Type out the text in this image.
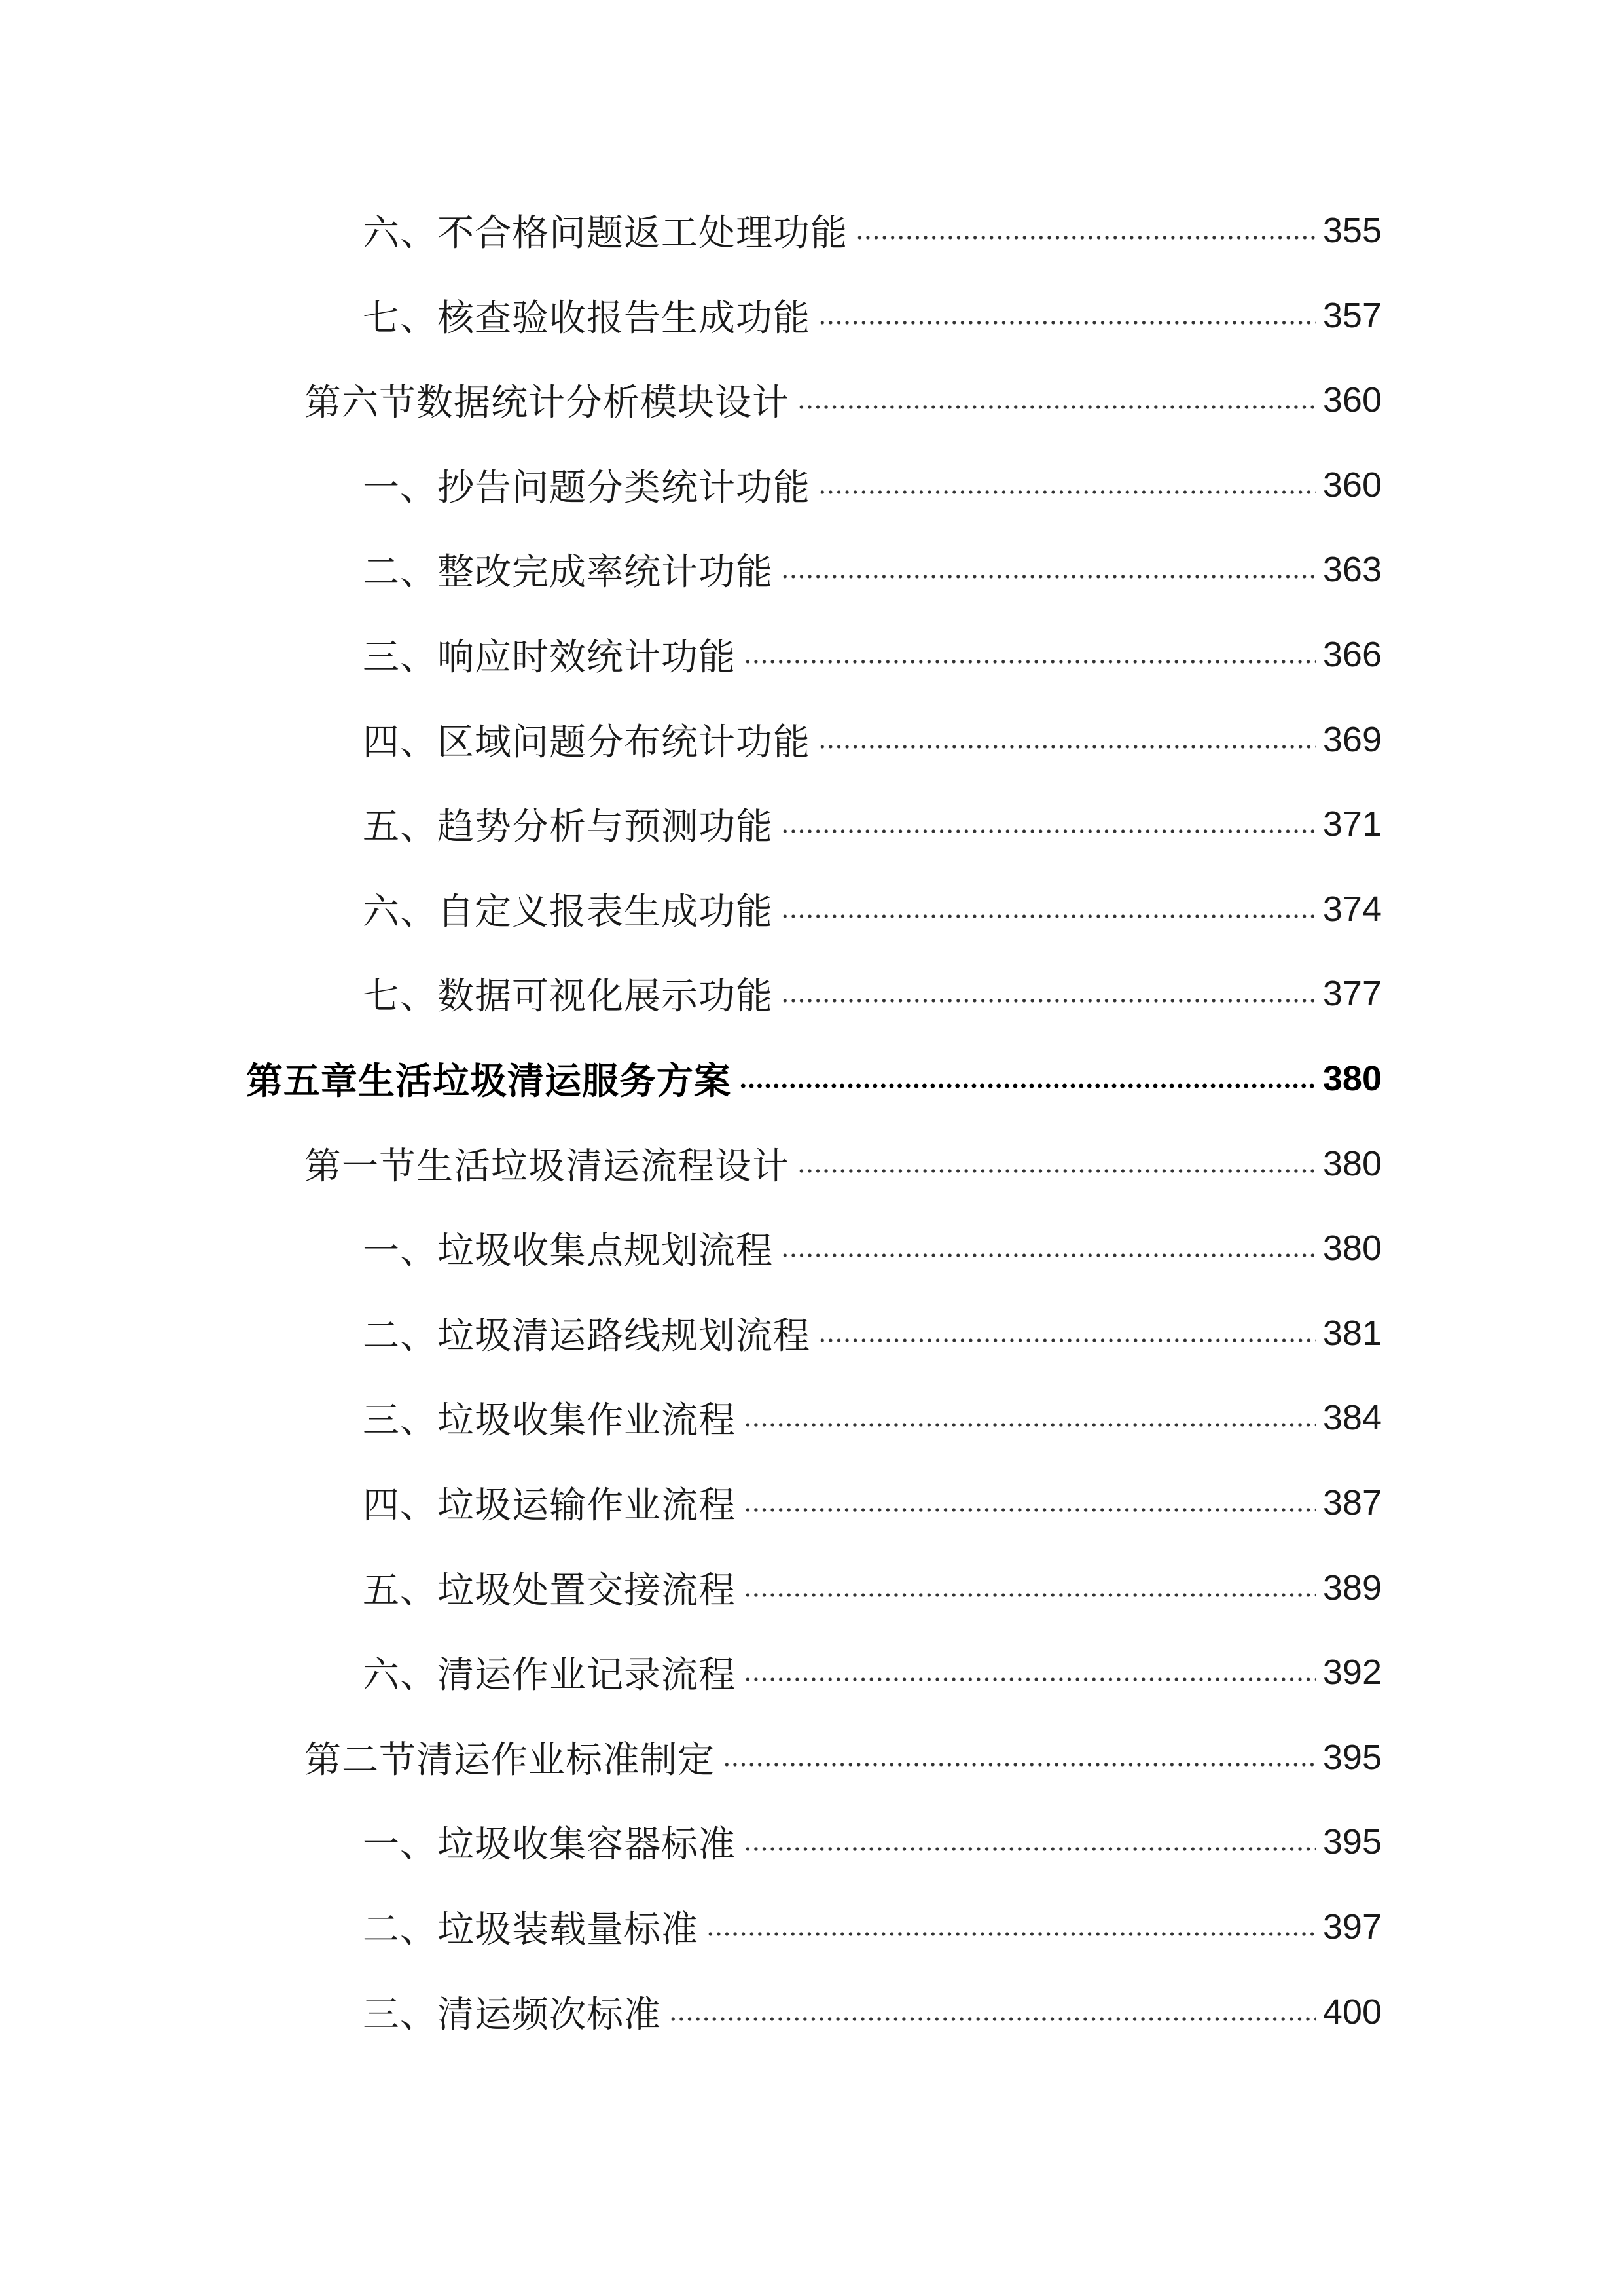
六、不合格问题返工处理功能	355
七、核查验收报告生成功能	357
第六节数据统计分析模块设计	360
一、抄告问题分类统计功能	360
二、整改完成率统计功能	363
三、响应时效统计功能	366
四、区域问题分布统计功能	369
五、趋势分析与预测功能	371
六、自定义报表生成功能	374
七、数据可视化展示功能	377
第五章生活垃圾清运服务方案	380
第一节生活垃圾清运流程设计	380
一、垃圾收集点规划流程	380
二、垃圾清运路线规划流程	381
三、垃圾收集作业流程	384
四、垃圾运输作业流程	387
五、垃圾处置交接流程	389
六、清运作业记录流程	392
第二节清运作业标准制定	395
一、垃圾收集容器标准	395
二、垃圾装载量标准	397
三、清运频次标准	400
